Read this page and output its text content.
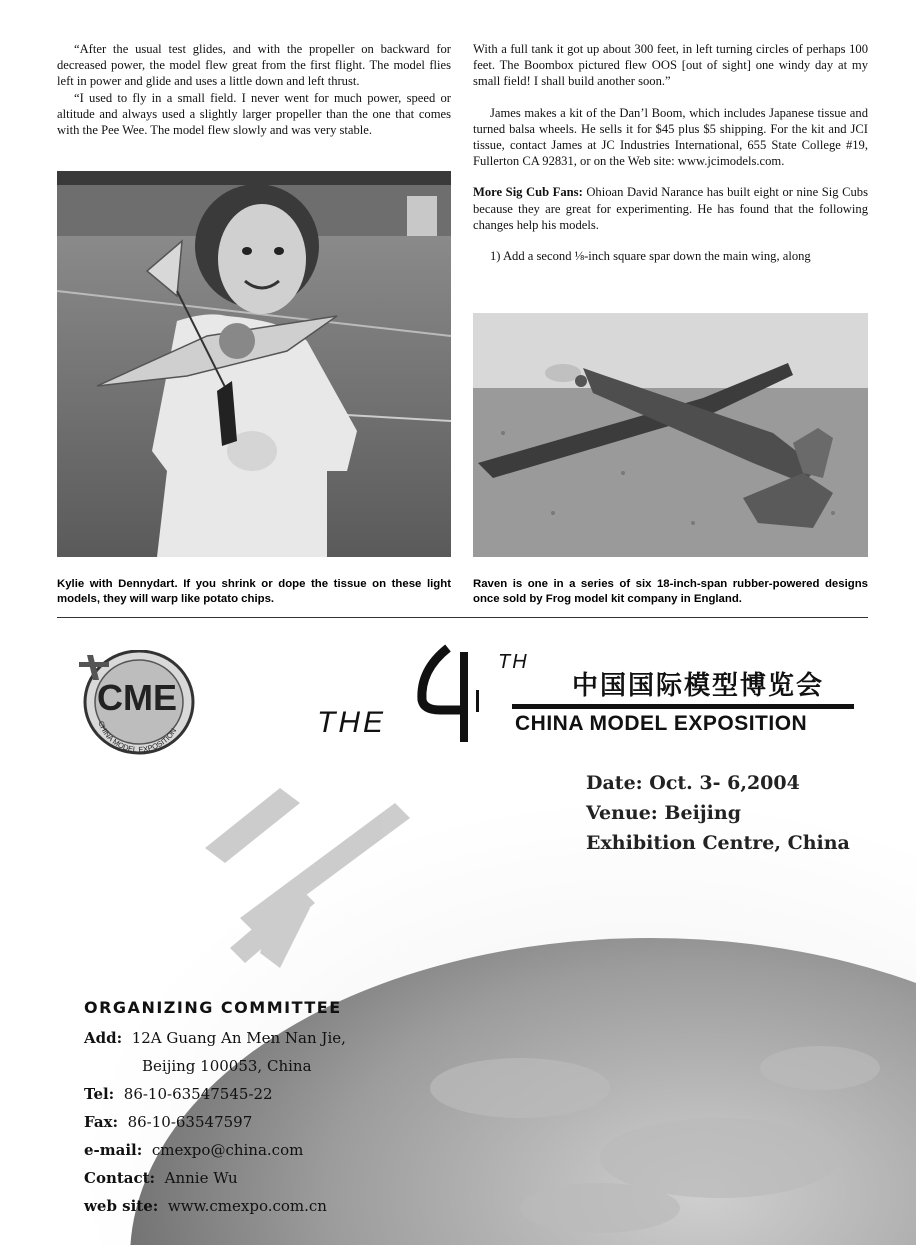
“After the usual test glides, and with the propeller on backward for decreased power, the model flew great from the first flight. The model flies left in power and glide and uses a little down and left thrust.

“I used to fly in a small field. I never went for much power, speed or altitude and always used a slightly larger propeller than the one that comes with the Pee Wee. The model flew slowly and was very stable.

With a full tank it got up about 300 feet, in left turning circles of perhaps 100 feet. The Boombox pictured flew OOS [out of sight] one windy day at my small field! I shall build another soon.”

James makes a kit of the Dan’l Boom, which includes Japanese tissue and turned balsa wheels. He sells it for $45 plus $5 shipping. For the kit and JCI tissue, contact James at JC Industries International, 655 State College #19, Fullerton CA 92831, or on the Web site: www.jcimodels.com.

More Sig Cub Fans: Ohioan David Narance has built eight or nine Sig Cubs because they are great for experimenting. He has found that the following changes help his models.

1) Add a second ⅛-inch square spar down the main wing, along

Kylie with Dennydart. If you shrink or dope the tissue on these light models, they will warp like potato chips.
Raven is one in a series of six 18-inch-span rubber-powered designs once sold by Frog model kit company in England.
CME
CHINA MODEL EXPOSITION	THE
TH
中国国际模型博览会
CHINA MODEL EXPOSITION
Date: Oct. 3- 6,2004
Venue: Beijing
Exhibition Centre, China
ORGANIZING COMMITTEE
Add: 12A Guang An Men Nan Jie,
Beijing 100053, China
Tel: 86-10-63547545-22
Fax: 86-10-63547597
e-mail: cmexpo@china.com
Contact: Annie Wu
web site: www.cmexpo.com.cn
